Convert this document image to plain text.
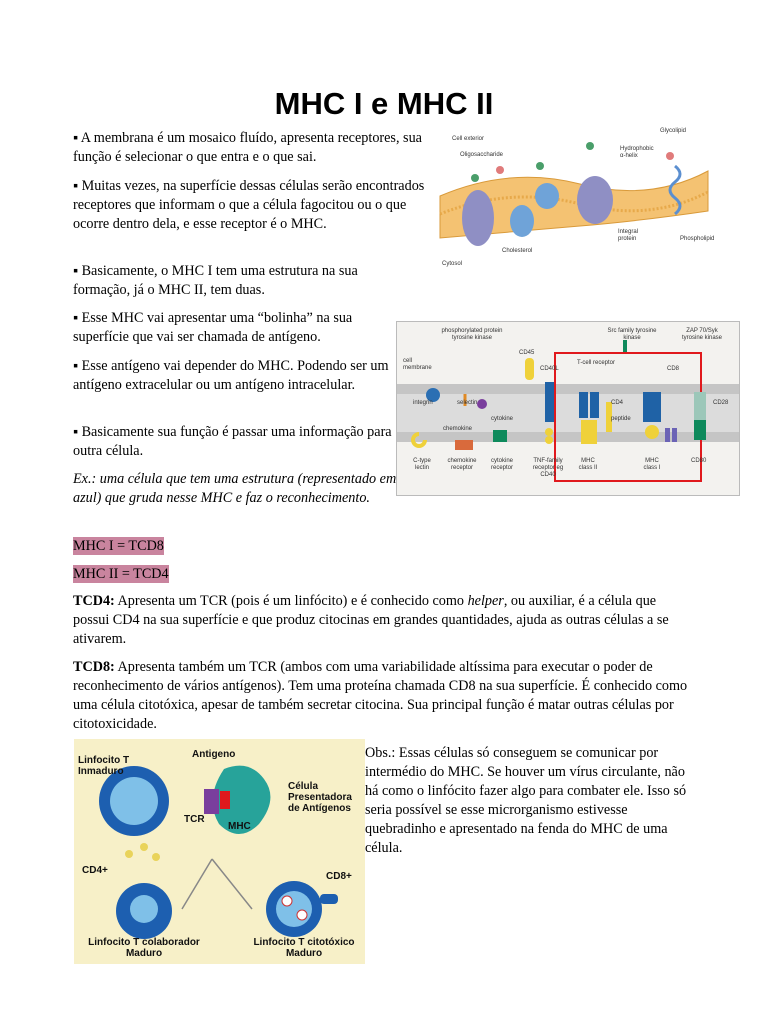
MHC I e MHC II
▪ A membrana é um mosaico fluído, apresenta receptores, sua função é selecionar o que entra e o que sai.
▪ Muitas vezes, na superfície dessas células serão encontrados receptores que informam o que a célula fagocitou ou o que ocorre dentro dela, e esse receptor é o MHC.
▪ Basicamente, o MHC I tem uma estrutura na sua formação, já o MHC II, tem duas.
▪ Esse MHC vai apresentar uma “bolinha” na sua superfície que vai ser chamada de antígeno.
▪ Esse antígeno vai depender do MHC. Podendo ser um antígeno extracelular ou um antígeno intracelular.
▪ Basicamente sua função é passar uma informação para outra célula.
Ex.: uma célula que tem uma estrutura (representado em azul) que gruda nesse MHC e faz o reconhecimento.
MHC I = TCD8
MHC II = TCD4
TCD4: Apresenta um TCR (pois é um linfócito) e é conhecido como helper, ou auxiliar, é a célula que possui CD4 na sua superfície e que produz citocinas em grandes quantidades, ajuda as outras células a se ativarem.
TCD8: Apresenta também um TCR (ambos com uma variabilidade altíssima para executar o poder de reconhecimento de vários antígenos). Tem uma proteína chamada CD8 na sua superfície. É conhecido como uma célula citotóxica, apesar de também secretar citocina. Sua principal função é matar outras células por citotoxicidade.
Obs.: Essas células só conseguem se comunicar por intermédio do MHC. Se houver um vírus circulante, não há como o linfócito fazer algo para combater ele. Isso só seria possível se esse microrganismo estivesse quebradinho e apresentado na fenda do MHC de uma célula.
Cell exterior
Oligosaccharide
Glycolipid
Hydrophobic α-helix
Integral protein	Phospholipid
Cholesterol
Cytosol
phosphorylated protein tyrosine kinase
Src family tyrosine kinase
ZAP 70/Syk tyrosine kinase
cell membrane
CD45
T-cell receptor
CD8
integrin	selectin
CD40L
CD4	CD28
peptide
cytokine
chemokine
C-type lectin
chemokine receptor
cytokine receptor
TNF-family receptor eg CD40
MHC class II
MHC class I
CD80
Linfocito T Inmaduro
Antigeno
Célula Presentadora de Antígenos
TCR
MHC
CD4+
CD8+
Linfocito T colaborador Maduro
Linfocito T citotóxico Maduro
